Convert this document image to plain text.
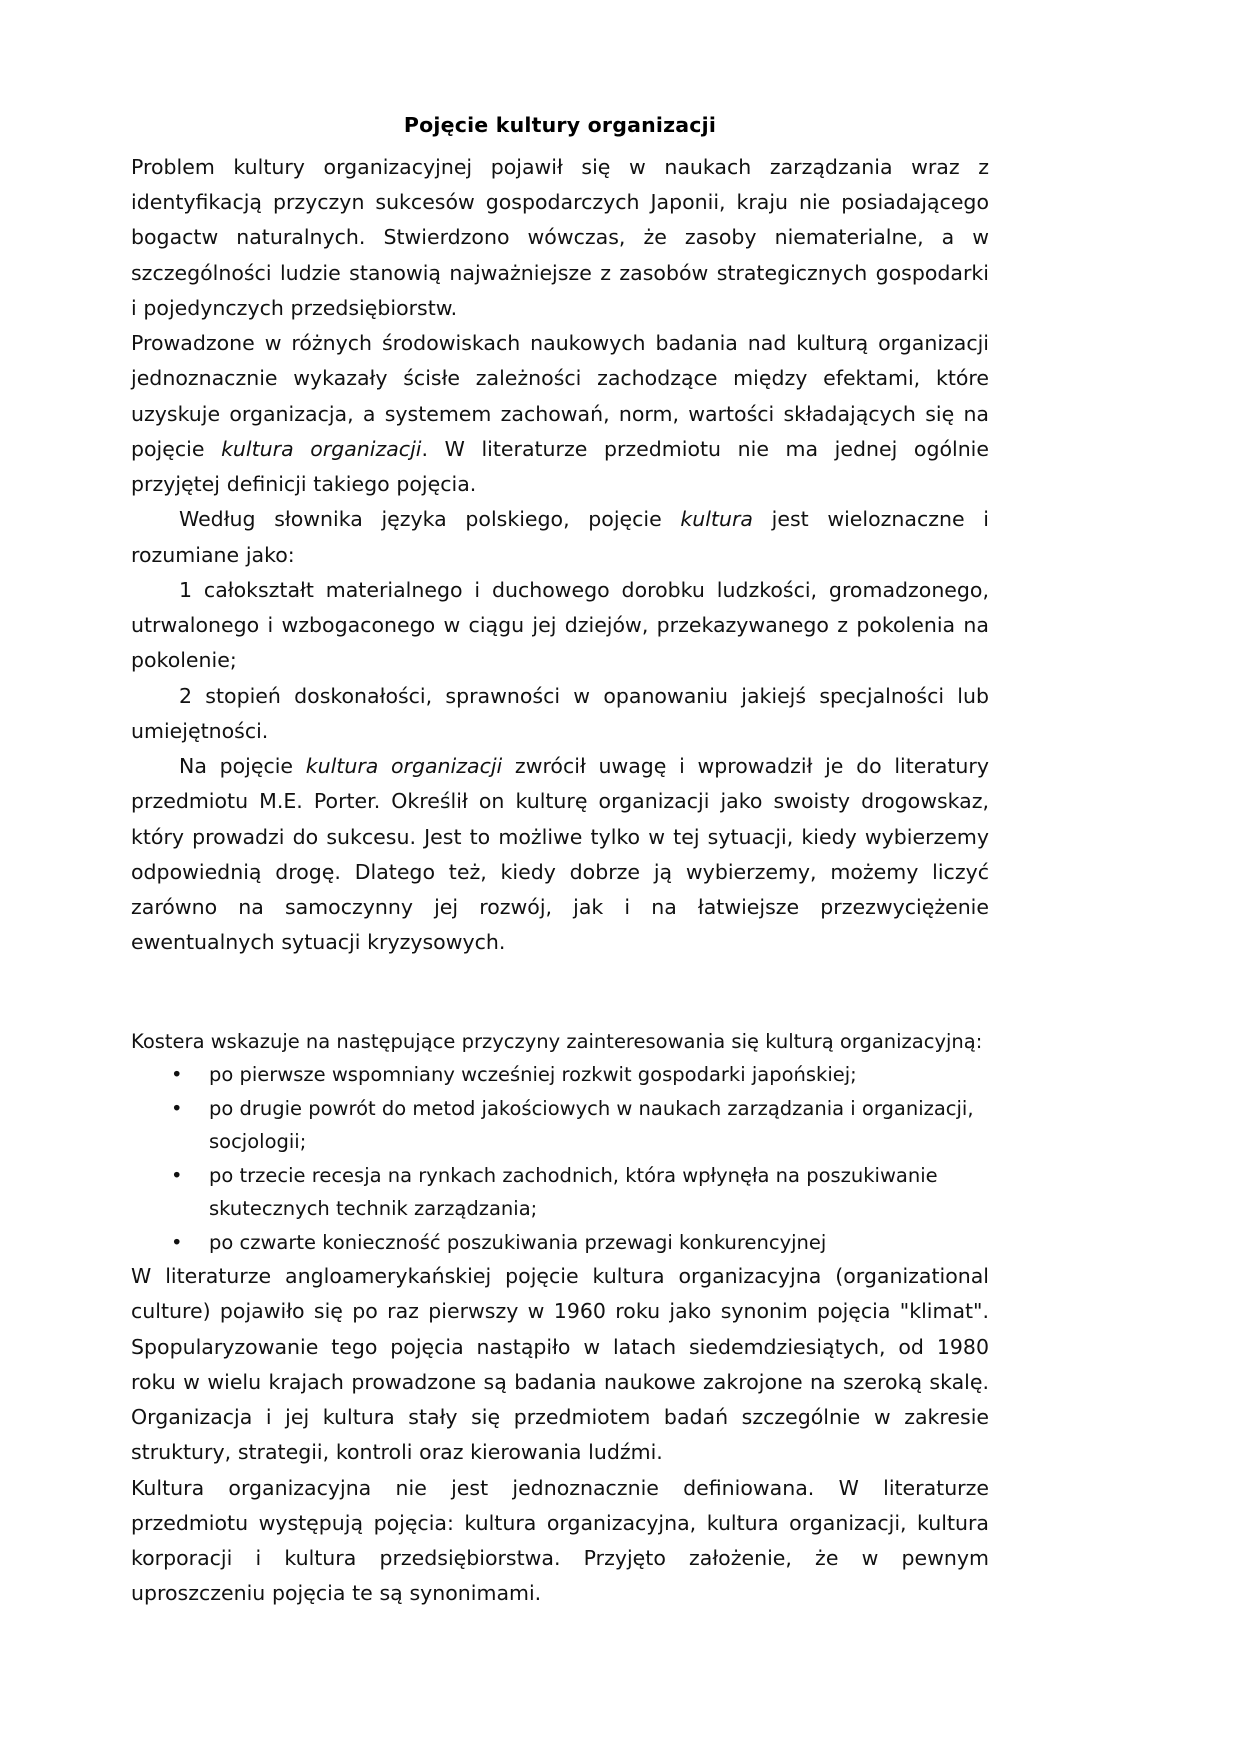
Pojęcie kultury organizacji

Problem kultury organizacyjnej pojawił się w naukach zarządzania wraz z identyfikacją przyczyn sukcesów gospodarczych Japonii, kraju nie posiadającego bogactw naturalnych. Stwierdzono wówczas, że zasoby niematerialne, a w szczególności ludzie stanowią najważniejsze z zasobów strategicznych gospodarki i pojedynczych przedsiębiorstw.

Prowadzone w różnych środowiskach naukowych badania nad kulturą organizacji jednoznacznie wykazały ścisłe zależności zachodzące między efektami, które uzyskuje organizacja, a systemem zachowań, norm, wartości składających się na pojęcie kultura organizacji. W literaturze przedmiotu nie ma jednej ogólnie przyjętej definicji takiego pojęcia.

Według słownika języka polskiego, pojęcie kultura jest wieloznaczne i rozumiane jako:

1 całokształt materialnego i duchowego dorobku ludzkości, gromadzonego, utrwalonego i wzbogaconego w ciągu jej dziejów, przekazywanego z pokolenia na pokolenie;

2 stopień doskonałości, sprawności w opanowaniu jakiejś specjalności lub umiejętności.

Na pojęcie kultura organizacji zwrócił uwagę i wprowadził je do literatury przedmiotu M.E. Porter. Określił on kulturę organizacji jako swoisty drogowskaz, który prowadzi do sukcesu. Jest to możliwe tylko w tej sytuacji, kiedy wybierzemy odpowiednią drogę. Dlatego też, kiedy dobrze ją wybierzemy, możemy liczyć zarówno na samoczynny jej rozwój, jak i na łatwiejsze przezwyciężenie ewentualnych sytuacji kryzysowych.

Kostera wskazuje na następujące przyczyny zainteresowania się kulturą organizacyjną:

• po pierwsze wspomniany wcześniej rozkwit gospodarki japońskiej;
• po drugie powrót do metod jakościowych w naukach zarządzania i organizacji, socjologii;
• po trzecie recesja na rynkach zachodnich, która wpłynęła na poszukiwanie skutecznych technik zarządzania;
• po czwarte konieczność poszukiwania przewagi konkurencyjnej

W literaturze angloamerykańskiej pojęcie kultura organizacyjna (organizational culture) pojawiło się po raz pierwszy w 1960 roku jako synonim pojęcia "klimat". Spopularyzowanie tego pojęcia nastąpiło w latach siedemdziesiątych, od 1980 roku w wielu krajach prowadzone są badania naukowe zakrojone na szeroką skalę. Organizacja i jej kultura stały się przedmiotem badań szczególnie w zakresie struktury, strategii, kontroli oraz kierowania ludźmi.

Kultura organizacyjna nie jest jednoznacznie definiowana. W literaturze przedmiotu występują pojęcia: kultura organizacyjna, kultura organizacji, kultura korporacji i kultura przedsiębiorstwa. Przyjęto założenie, że w pewnym uproszczeniu pojęcia te są synonimami.
